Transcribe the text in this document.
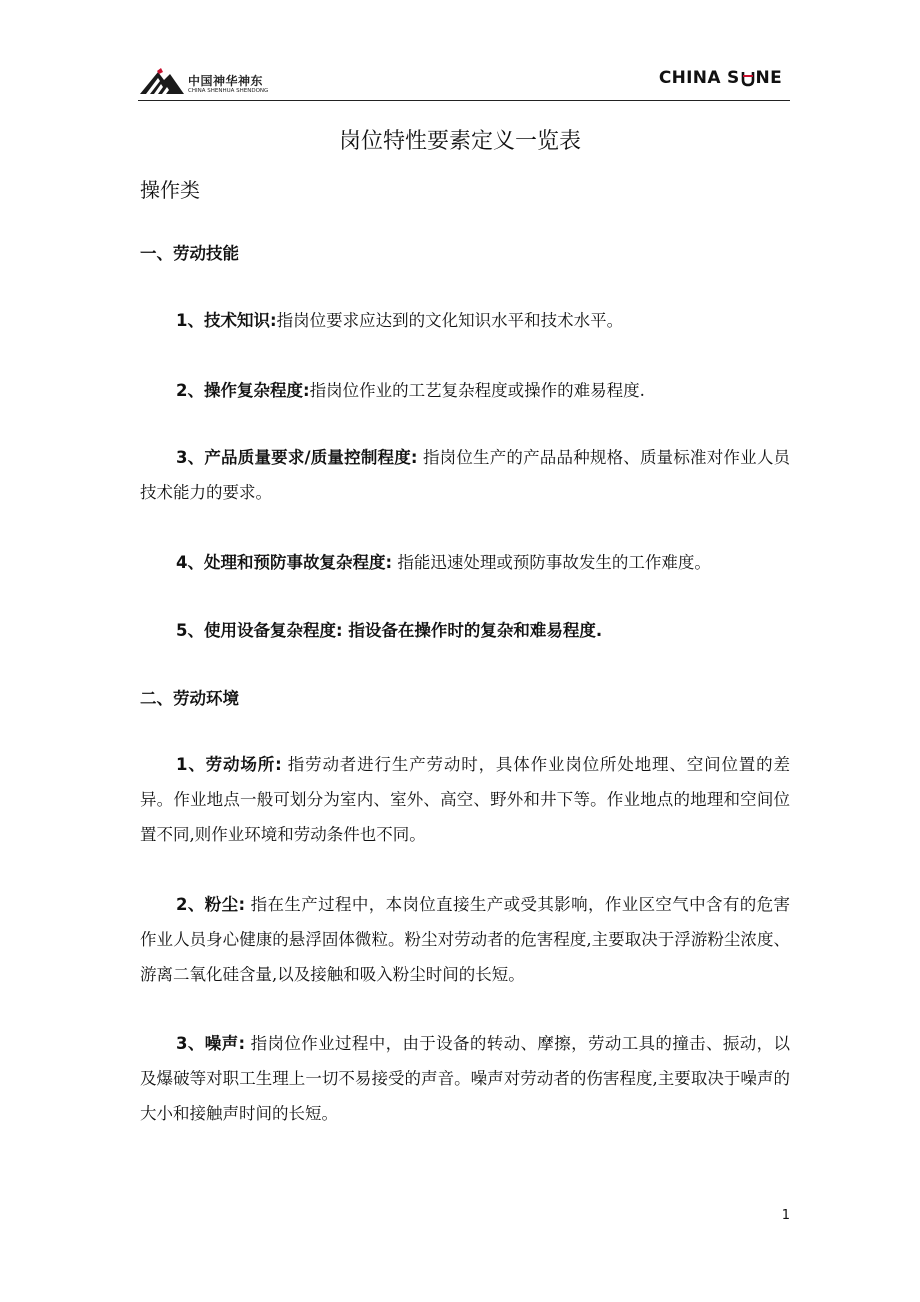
中国神华神东
CHINA SHENHUA SHENDONG
CHINA S NE
岗位特性要素定义一览表
操作类
一、劳动技能
1、技术知识:指岗位要求应达到的文化知识水平和技术水平。
2、操作复杂程度:指岗位作业的工艺复杂程度或操作的难易程度.
3、产品质量要求/质量控制程度: 指岗位生产的产品品种规格、质量标准对作业人员技术能力的要求。
4、处理和预防事故复杂程度: 指能迅速处理或预防事故发生的工作难度。
5、使用设备复杂程度: 指设备在操作时的复杂和难易程度.
二、劳动环境
1、劳动场所: 指劳动者进行生产劳动时，具体作业岗位所处地理、空间位置的差异。作业地点一般可划分为室内、室外、高空、野外和井下等。作业地点的地理和空间位置不同,则作业环境和劳动条件也不同。
2、粉尘: 指在生产过程中，本岗位直接生产或受其影响，作业区空气中含有的危害作业人员身心健康的悬浮固体微粒。粉尘对劳动者的危害程度,主要取决于浮游粉尘浓度、游离二氧化硅含量,以及接触和吸入粉尘时间的长短。
3、噪声: 指岗位作业过程中，由于设备的转动、摩擦，劳动工具的撞击、振动，以及爆破等对职工生理上一切不易接受的声音。噪声对劳动者的伤害程度,主要取决于噪声的大小和接触声时间的长短。
1
